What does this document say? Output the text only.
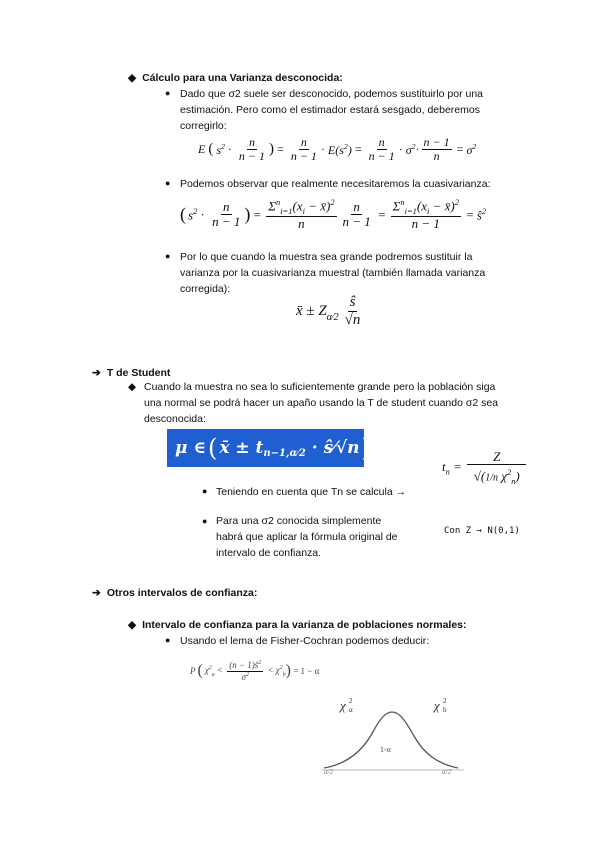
◆ Cálculo para una Varianza desconocida:
● Dado que σ2 suele ser desconocido, podemos sustituirlo por una
estimación. Pero como el estimador estará sesgado, deberemos
corregirlo:
E ( $s^2 \cdot \frac{n}{n - 1}$ ) = $\frac{n}{n - 1} \cdot E(s^2) = \frac{n}{n - 1} \cdot \sigma^2 \cdot \frac{n - 1}{n} = \sigma^2$
● Podemos observar que realmente necesitaremos la cuasivarianza:
( $s^2 \cdot \frac{n}{n - 1}$ ) = $\frac{\Sigma^n_{i=1}(x_i - x̄)^2}{n} \frac{n}{n - 1} = \frac{\Sigma^n_{i=1}(x_i - x̄)^2}{n - 1}$ = $ŝ^2$
● Por lo que cuando la muestra sea grande podremos sustituir la
varianza por la cuasivarianza muestral (también llamada varianza
corregida):
x̄ ± Z α⁄2 $\frac{ŝ}{√n}$
➔ T de Student
◆ Cuando la muestra no sea lo suficientemente grande pero la población siga
una normal se podrá hacer un apaño usando la T de student cuando σ2 sea
desconocida:
μ ∈ ( x̄ ± t n−1,α⁄2 · ŝ⁄√n )
$t_n = \frac{Z}{√(1/n \chi^2_n)}$
● Teniendo en cuenta que Tn se calcula →
● Para una σ2 conocida simplemente
habrá que aplicar la fórmula original de
intervalo de confianza.
Con Z → N(0,1)
➔ Otros intervalos de confianza:
◆ Intervalo de confianza para la varianza de poblaciones normales:
● Usando el lema de Fisher-Cochran podemos deducir:
P ( $\chi^2_a < \frac{(n - 1)ŝ^2}{\sigma^2} < \chi^2_b$ ) = 1 − α
χ 2
α	χ 2
b
1-α
α/2	α/2
